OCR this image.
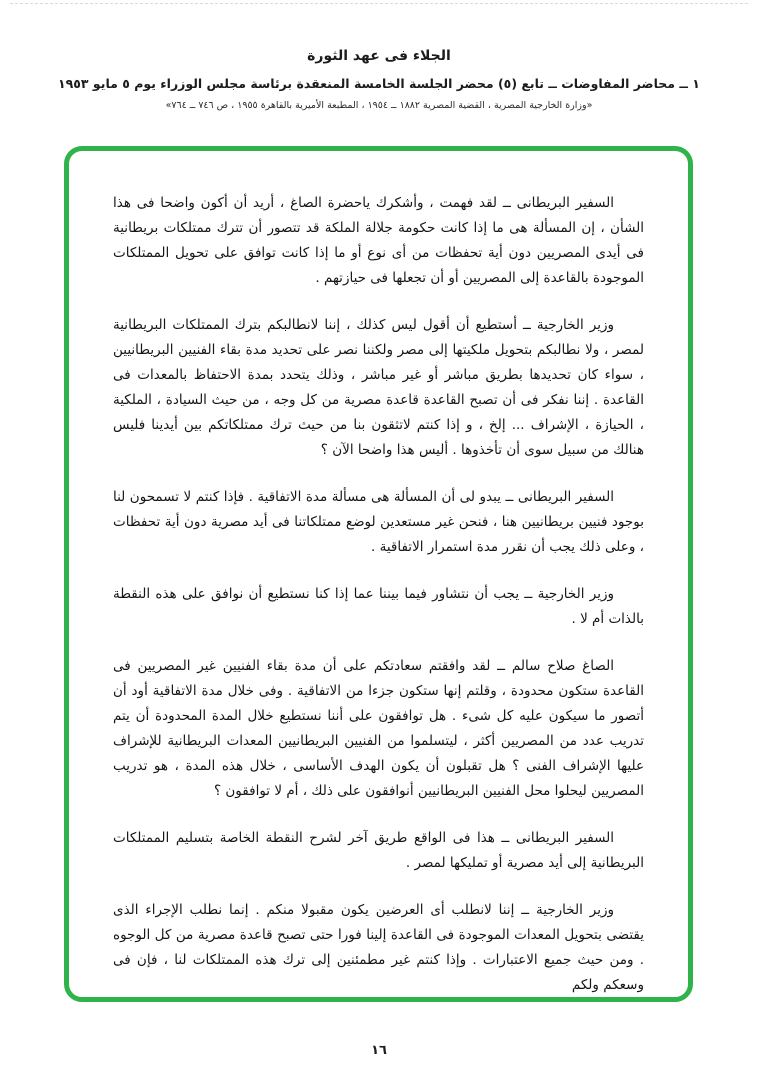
الجلاء فى عهد الثورة
١ ــ محاضر المفاوضات ــ تابع (٥) محضر الجلسة الخامسة المنعقدة برئاسة مجلس الوزراء يوم ٥ مايو ١٩٥٣
«وزارة الخارجية المصرية ، القضية المصرية ١٨٨٢ ــ ١٩٥٤ ، المطبعة الأميرية بالقاهرة ١٩٥٥ ، ص ٧٤٦ ــ ٧٦٤»

السفير البريطانى ــ لقد فهمت ، وأشكرك ياحضرة الصاغ ، أريد أن أكون واضحا فى هذا الشأن ، إن المسألة هى ما إذا كانت حكومة جلالة الملكة قد تتصور أن تترك ممتلكات بريطانية فى أيدى المصريين دون أية تحفظات من أى نوع أو ما إذا كانت توافق على تحويل الممتلكات الموجودة بالقاعدة إلى المصريين أو أن تجعلها فى حيازتهم .

وزير الخارجية ــ أستطيع أن أقول ليس كذلك ، إننا لانطالبكم بترك الممتلكات البريطانية لمصر ، ولا نطالبكم بتحويل ملكيتها إلى مصر ولكننا نصر على تحديد مدة بقاء الفنيين البريطانيين ، سواء كان تحديدها بطريق مباشر أو غير مباشر ، وذلك يتحدد بمدة الاحتفاظ بالمعدات فى القاعدة . إننا نفكر فى أن تصبح القاعدة قاعدة مصرية من كل وجه ، من حيث السيادة ، الملكية ، الحيازة ، الإشراف ... إلخ ، و إذا كنتم لاتثقون بنا من حيث ترك ممتلكاتكم بين أيدينا فليس هنالك من سبيل سوى أن تأخذوها . أليس هذا واضحا الآن ؟

السفير البريطانى ــ يبدو لى أن المسألة هى مسألة مدة الاتفاقية . فإذا كنتم لا تسمحون لنا بوجود فنيين بريطانيين هنا ، فنحن غير مستعدين لوضع ممتلكاتنا فى أيد مصرية دون أية تحفظات ، وعلى ذلك يجب أن نقرر مدة استمرار الاتفاقية .

وزير الخارجية ــ يجب أن نتشاور فيما بيننا عما إذا كنا نستطيع أن نوافق على هذه النقطة بالذات أم لا .

الصاغ صلاح سالم ــ لقد وافقتم سعادتكم على أن مدة بقاء الفنيين غير المصريين فى القاعدة ستكون محدودة ، وقلتم إنها ستكون جزءا من الاتفاقية . وفى خلال مدة الاتفاقية أود أن أتصور ما سيكون عليه كل شىء . هل توافقون على أننا نستطيع خلال المدة المحدودة أن يتم تدريب عدد من المصريين أكثر ، ليتسلموا من الفنيين البريطانيين المعدات البريطانية للإشراف عليها الإشراف الفنى ؟ هل تقبلون أن يكون الهدف الأساسى ، خلال هذه المدة ، هو تدريب المصريين ليحلوا محل الفنيين البريطانيين أنوافقون على ذلك ، أم لا توافقون ؟

السفير البريطانى ــ هذا فى الواقع طريق آخر لشرح النقطة الخاصة بتسليم الممتلكات البريطانية إلى أيد مصرية أو تمليكها لمصر .

وزير الخارجية ــ إننا لانطلب أى العرضين يكون مقبولا منكم . إنما نطلب الإجراء الذى يقتضى بتحويل المعدات الموجودة فى القاعدة إلينا فورا حتى تصبح قاعدة مصرية من كل الوجوه . ومن حيث جميع الاعتبارات . وإذا كنتم غير مطمئنين إلى ترك هذه الممتلكات لنا ، فإن فى وسعكم ولكم

١٦
